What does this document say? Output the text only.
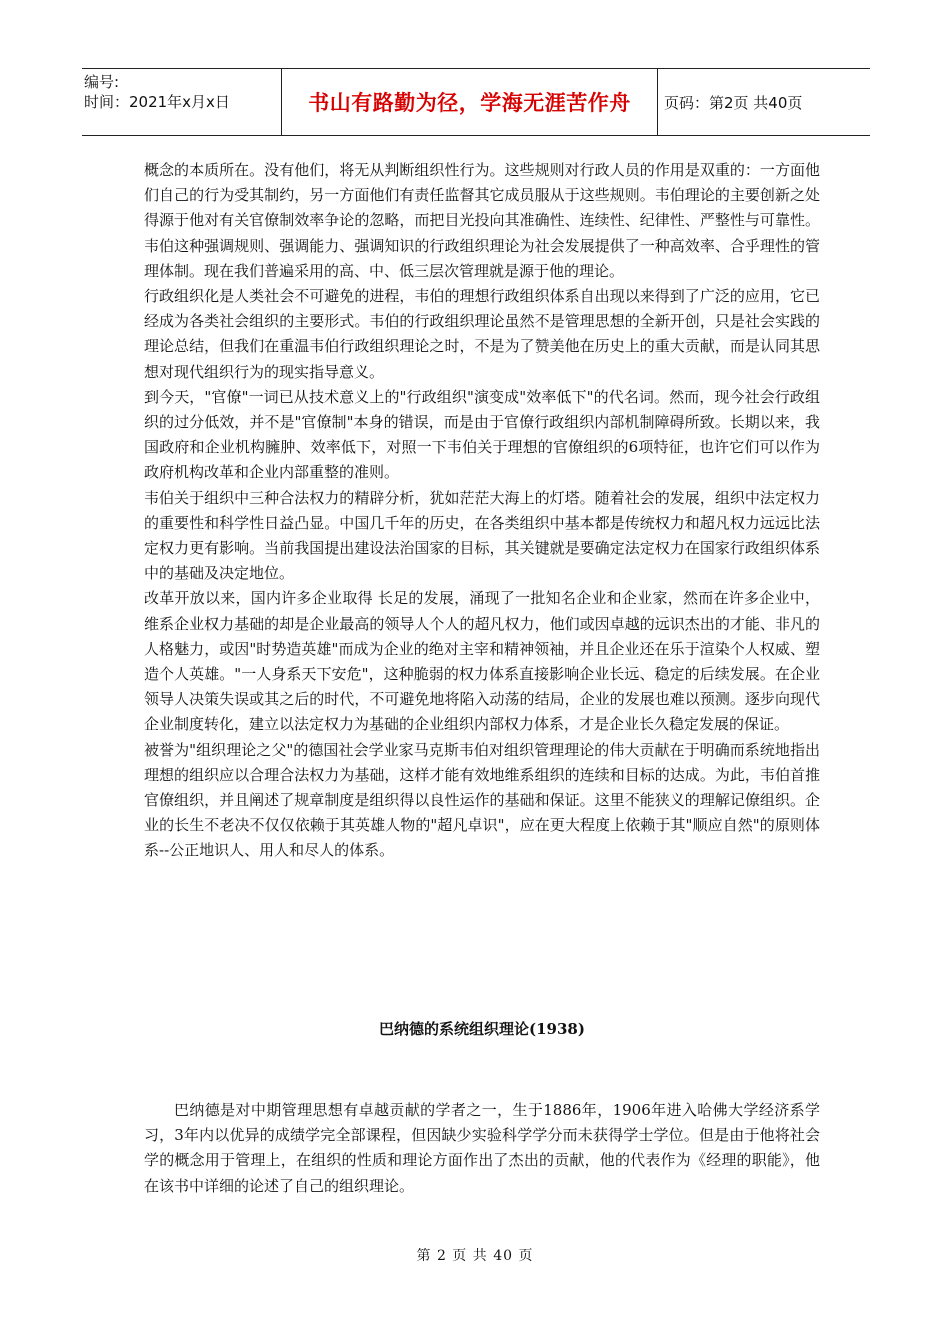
编号:
时间：2021年x月x日	书山有路勤为径，学海无涯苦作舟	页码：第2页 共40页

概念的本质所在。没有他们，将无从判断组织性行为。这些规则对行政人员的作用是双重的：一方面他们自己的行为受其制约，另一方面他们有责任监督其它成员服从于这些规则。韦伯理论的主要创新之处得源于他对有关官僚制效率争论的忽略，而把目光投向其准确性、连续性、纪律性、严整性与可靠性。韦伯这种强调规则、强调能力、强调知识的行政组织理论为社会发展提供了一种高效率、合乎理性的管理体制。现在我们普遍采用的高、中、低三层次管理就是源于他的理论。

行政组织化是人类社会不可避免的进程，韦伯的理想行政组织体系自出现以来得到了广泛的应用，它已经成为各类社会组织的主要形式。韦伯的行政组织理论虽然不是管理思想的全新开创，只是社会实践的理论总结，但我们在重温韦伯行政组织理论之时，不是为了赞美他在历史上的重大贡献，而是认同其思想对现代组织行为的现实指导意义。

到今天，"官僚"一词已从技术意义上的"行政组织"演变成"效率低下"的代名词。然而，现今社会行政组织的过分低效，并不是"官僚制"本身的错误，而是由于官僚行政组织内部机制障碍所致。长期以来，我国政府和企业机构臃肿、效率低下，对照一下韦伯关于理想的官僚组织的6项特征，也许它们可以作为政府机构改革和企业内部重整的准则。

韦伯关于组织中三种合法权力的精辟分析，犹如茫茫大海上的灯塔。随着社会的发展，组织中法定权力的重要性和科学性日益凸显。中国几千年的历史，在各类组织中基本都是传统权力和超凡权力远远比法定权力更有影响。当前我国提出建设法治国家的目标，其关键就是要确定法定权力在国家行政组织体系中的基础及决定地位。

改革开放以来，国内许多企业取得 长足的发展，涌现了一批知名企业和企业家，然而在许多企业中，维系企业权力基础的却是企业最高的领导人个人的超凡权力，他们或因卓越的远识杰出的才能、非凡的人格魅力，或因"时势造英雄"而成为企业的绝对主宰和精神领袖，并且企业还在乐于渲染个人权威、塑造个人英雄。"一人身系天下安危"，这种脆弱的权力体系直接影响企业长远、稳定的后续发展。在企业领导人决策失误或其之后的时代，不可避免地将陷入动荡的结局，企业的发展也难以预测。逐步向现代企业制度转化，建立以法定权力为基础的企业组织内部权力体系，才是企业长久稳定发展的保证。

被誉为"组织理论之父"的德国社会学业家马克斯韦伯对组织管理理论的伟大贡献在于明确而系统地指出理想的组织应以合理合法权力为基础，这样才能有效地维系组织的连续和目标的达成。为此，韦伯首推官僚组织，并且阐述了规章制度是组织得以良性运作的基础和保证。这里不能狭义的理解记僚组织。企业的长生不老决不仅仅依赖于其英雄人物的"超凡卓识"，应在更大程度上依赖于其"顺应自然"的原则体系--公正地识人、用人和尽人的体系。

巴纳德的系统组织理论(1938)

巴纳德是对中期管理思想有卓越贡献的学者之一，生于1886年，1906年进入哈佛大学经济系学习，3年内以优异的成绩学完全部课程，但因缺少实验科学学分而未获得学士学位。但是由于他将社会学的概念用于管理上，在组织的性质和理论方面作出了杰出的贡献，他的代表作为《经理的职能》，他在该书中详细的论述了自己的组织理论。

第 2 页 共 40 页
